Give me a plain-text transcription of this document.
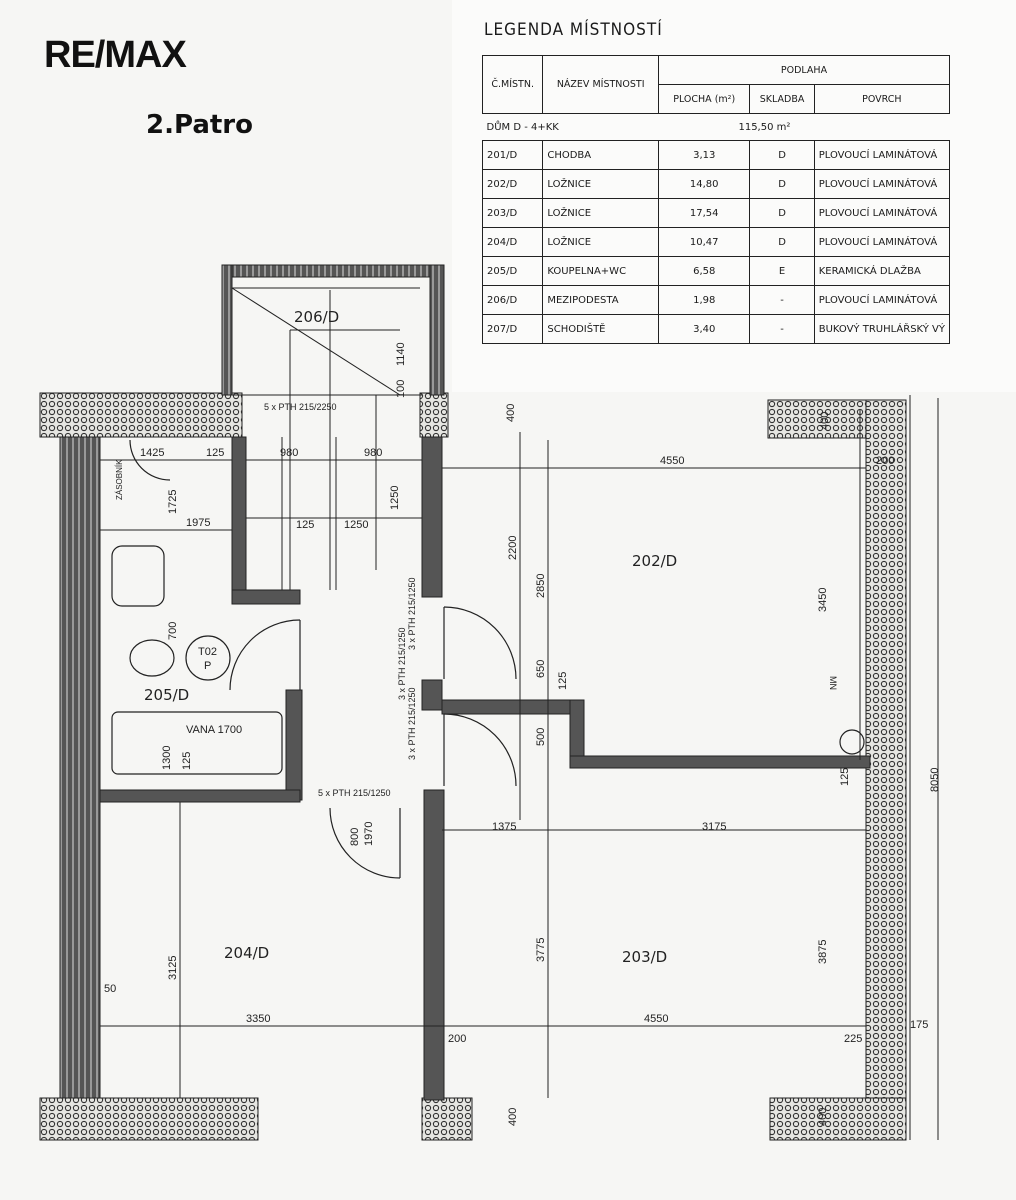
RE/MAX
2.Patro
LEGENDA MÍSTNOSTÍ
Č.MÍSTN.	NÁZEV MÍSTNOSTI	PODLAHA		
		PLOCHA (m²)	SKLADBA	POVRCH
DŮM D - 4+KK		115,50 m²		
201/D	CHODBA	3,13	D	PLOVOUCÍ LAMINÁTOVÁ
202/D	LOŽNICE	14,80	D	PLOVOUCÍ LAMINÁTOVÁ
203/D	LOŽNICE	17,54	D	PLOVOUCÍ LAMINÁTOVÁ
204/D	LOŽNICE	10,47	D	PLOVOUCÍ LAMINÁTOVÁ
205/D	KOUPELNA+WC	6,58	E	KERAMICKÁ DLAŽBA
206/D	MEZIPODESTA	1,98	-	PLOVOUCÍ LAMINÁTOVÁ
207/D	SCHODIŠTĚ	3,40	-	BUKOVÝ TRUHLÁŘSKÝ VÝ
206/D
202/D
205/D
204/D	203/D
VANA 1700
T02
P
ZÁSOBNÍK
MN
5 x PTH 215/2250
3 x PTH 215/1250
3 x PTH 215/1250
3 x PTH 215/1250
5 x PTH 215/1250
1140
100
400	400
1425	125	980	980
1250
1725
1975	125	1250
4550	200
2200
2850
3450
650
125
500
1300
700
125
125
1375	3175
8050
800 1970
3125
3775	3875
3350	4550
200	225
175
50
400	400
